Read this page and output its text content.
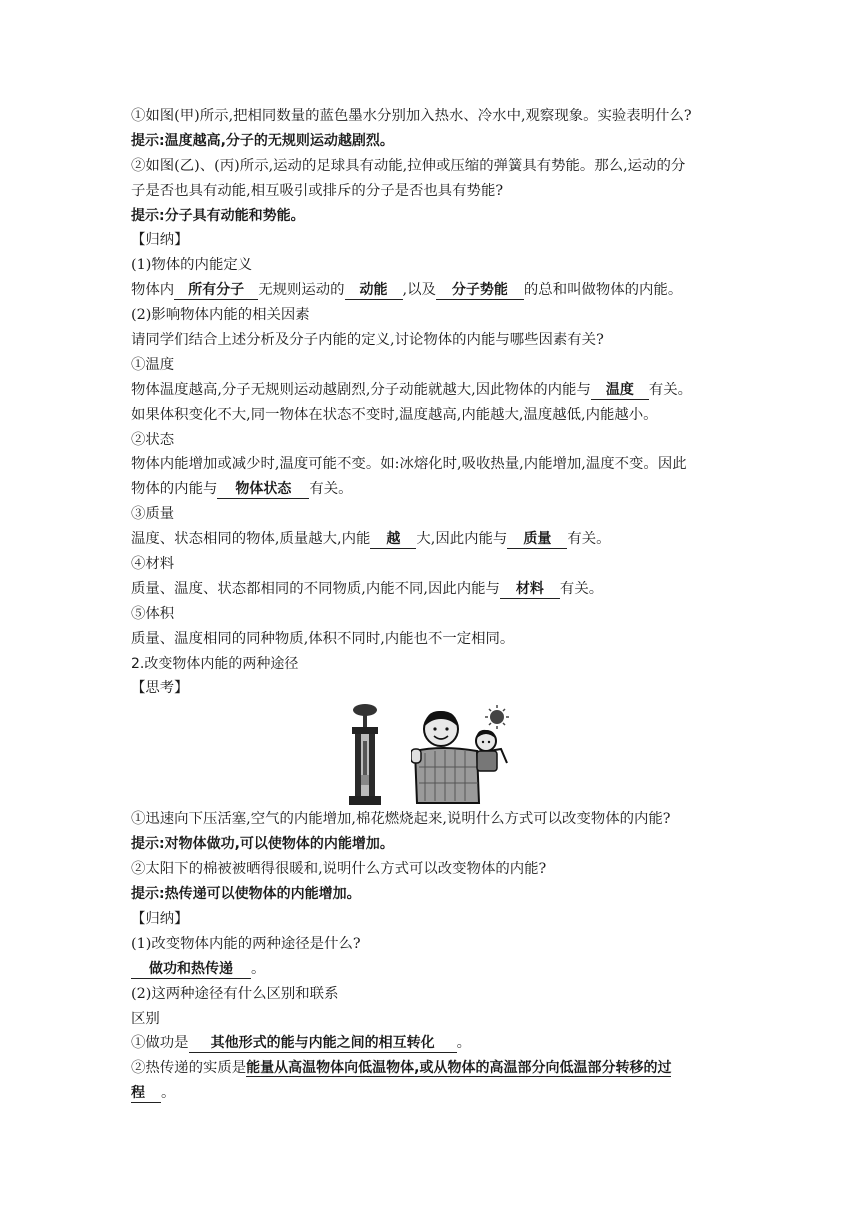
①如图(甲)所示,把相同数量的蓝色墨水分别加入热水、冷水中,观察现象。实验表明什么?
提示:温度越高,分子的无规则运动越剧烈。
②如图(乙)、(丙)所示,运动的足球具有动能,拉伸或压缩的弹簧具有势能。那么,运动的分
子是否也具有动能,相互吸引或排斥的分子是否也具有势能?
提示:分子具有动能和势能。
【归纳】
(1)物体的内能定义
物体内 所有分子 无规则运动的 动能 ,以及 分子势能 的总和叫做物体的内能。
(2)影响物体内能的相关因素
请同学们结合上述分析及分子内能的定义,讨论物体的内能与哪些因素有关?
①温度
物体温度越高,分子无规则运动越剧烈,分子动能就越大,因此物体的内能与 温度 有关。
如果体积变化不大,同一物体在状态不变时,温度越高,内能越大,温度越低,内能越小。
②状态
物体内能增加或减少时,温度可能不变。如:冰熔化时,吸收热量,内能增加,温度不变。因此
物体的内能与 物体状态 有关。
③质量
温度、状态相同的物体,质量越大,内能 越 大,因此内能与 质量 有关。
④材料
质量、温度、状态都相同的不同物质,内能不同,因此内能与 材料 有关。
⑤体积
质量、温度相同的同种物质,体积不同时,内能也不一定相同。
2.改变物体内能的两种途径
【思考】
①迅速向下压活塞,空气的内能增加,棉花燃烧起来,说明什么方式可以改变物体的内能?
提示:对物体做功,可以使物体的内能增加。
②太阳下的棉被被晒得很暖和,说明什么方式可以改变物体的内能?
提示:热传递可以使物体的内能增加。
【归纳】
(1)改变物体内能的两种途径是什么?
做功和热传递 。
(2)这两种途径有什么区别和联系
区别
①做功是 其他形式的能与内能之间的相互转化 。
②热传递的实质是能量从高温物体向低温物体,或从物体的高温部分向低温部分转移的过
程 。
